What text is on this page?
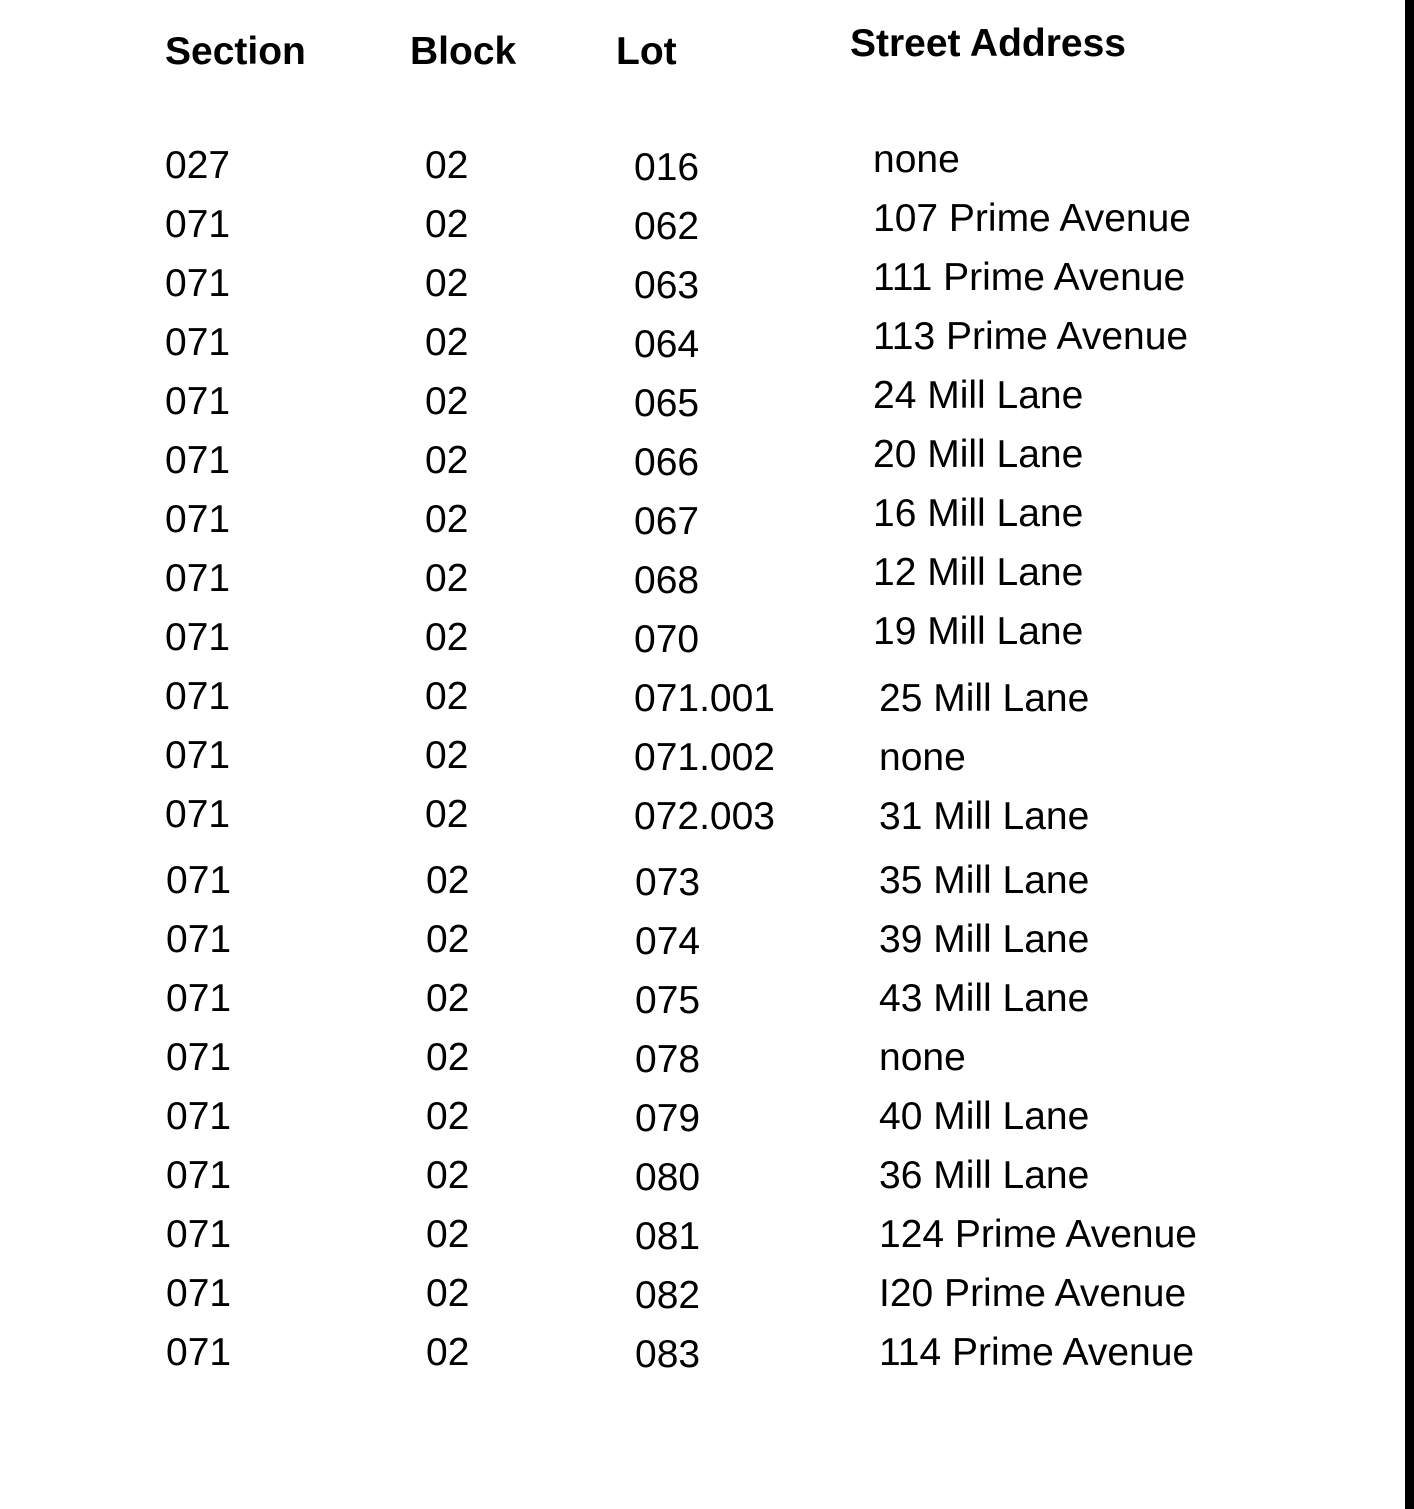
Section	Block	Lot	Street Address
027	02	016	none
071	02	062	107 Prime Avenue
071	02	063	111 Prime Avenue
071	02	064	113 Prime Avenue
071	02	065	24 Mill Lane
071	02	066	20 Mill Lane
071	02	067	16 Mill Lane
071	02	068	12 Mill Lane
071	02	070	19 Mill Lane
071	02	071.001	25 Mill Lane
071	02	071.002	none
071	02	072.003	31 Mill Lane
071	02	073	35 Mill Lane
071	02	074	39 Mill Lane
071	02	075	43 Mill Lane
071	02	078	none
071	02	079	40 Mill Lane
071	02	080	36 Mill Lane
071	02	081	124 Prime Avenue
071	02	082	I20 Prime Avenue
071	02	083	114 Prime Avenue
